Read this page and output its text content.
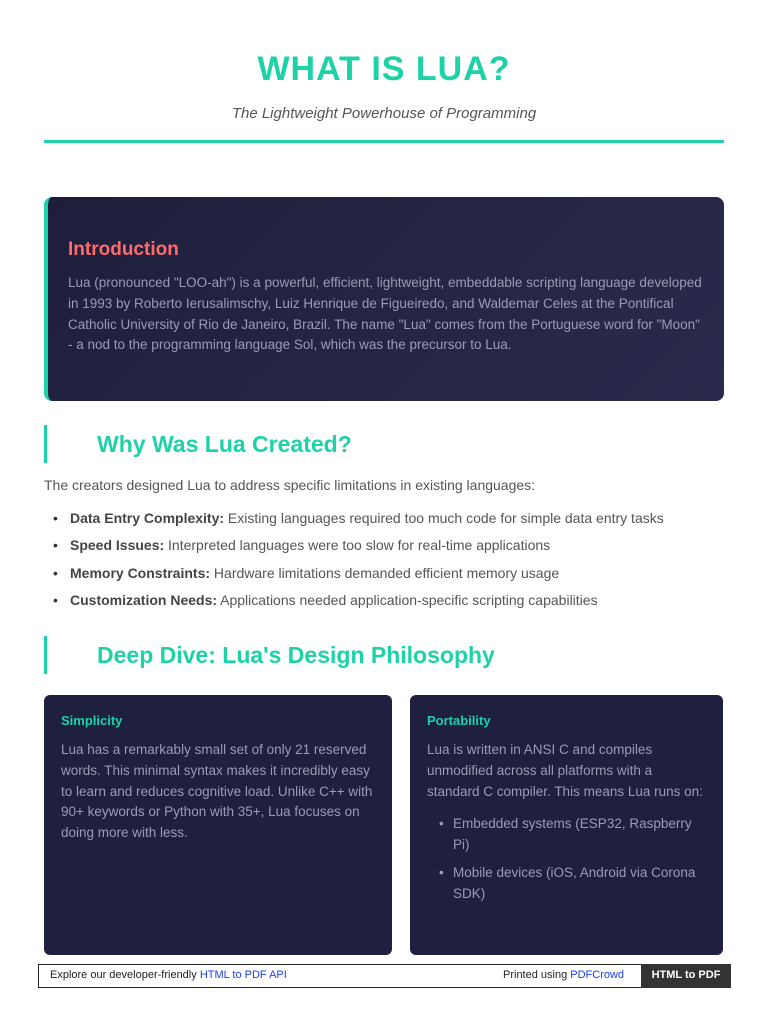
WHAT IS LUA?

The Lightweight Powerhouse of Programming

Introduction

Lua (pronounced "LOO-ah") is a powerful, efficient, lightweight, embeddable scripting language developed in 1993 by Roberto Ierusalimschy, Luiz Henrique de Figueiredo, and Waldemar Celes at the Pontifical Catholic University of Rio de Janeiro, Brazil. The name "Lua" comes from the Portuguese word for "Moon" - a nod to the programming language Sol, which was the precursor to Lua.

Why Was Lua Created?

The creators designed Lua to address specific limitations in existing languages:

• Data Entry Complexity: Existing languages required too much code for simple data entry tasks
• Speed Issues: Interpreted languages were too slow for real-time applications
• Memory Constraints: Hardware limitations demanded efficient memory usage
• Customization Needs: Applications needed application-specific scripting capabilities
Deep Dive: Lua's Design Philosophy
Simplicity

Lua has a remarkably small set of only 21 reserved words. This minimal syntax makes it incredibly easy to learn and reduces cognitive load. Unlike C++ with 90+ keywords or Python with 35+, Lua focuses on doing more with less.

Portability

Lua is written in ANSI C and compiles unmodified across all platforms with a standard C compiler. This means Lua runs on:

• Embedded systems (ESP32, Raspberry Pi)
• Mobile devices (iOS, Android via Corona SDK)
Explore our developer-friendly HTML to PDF API	Printed using PDFCrowd	HTML to PDF
